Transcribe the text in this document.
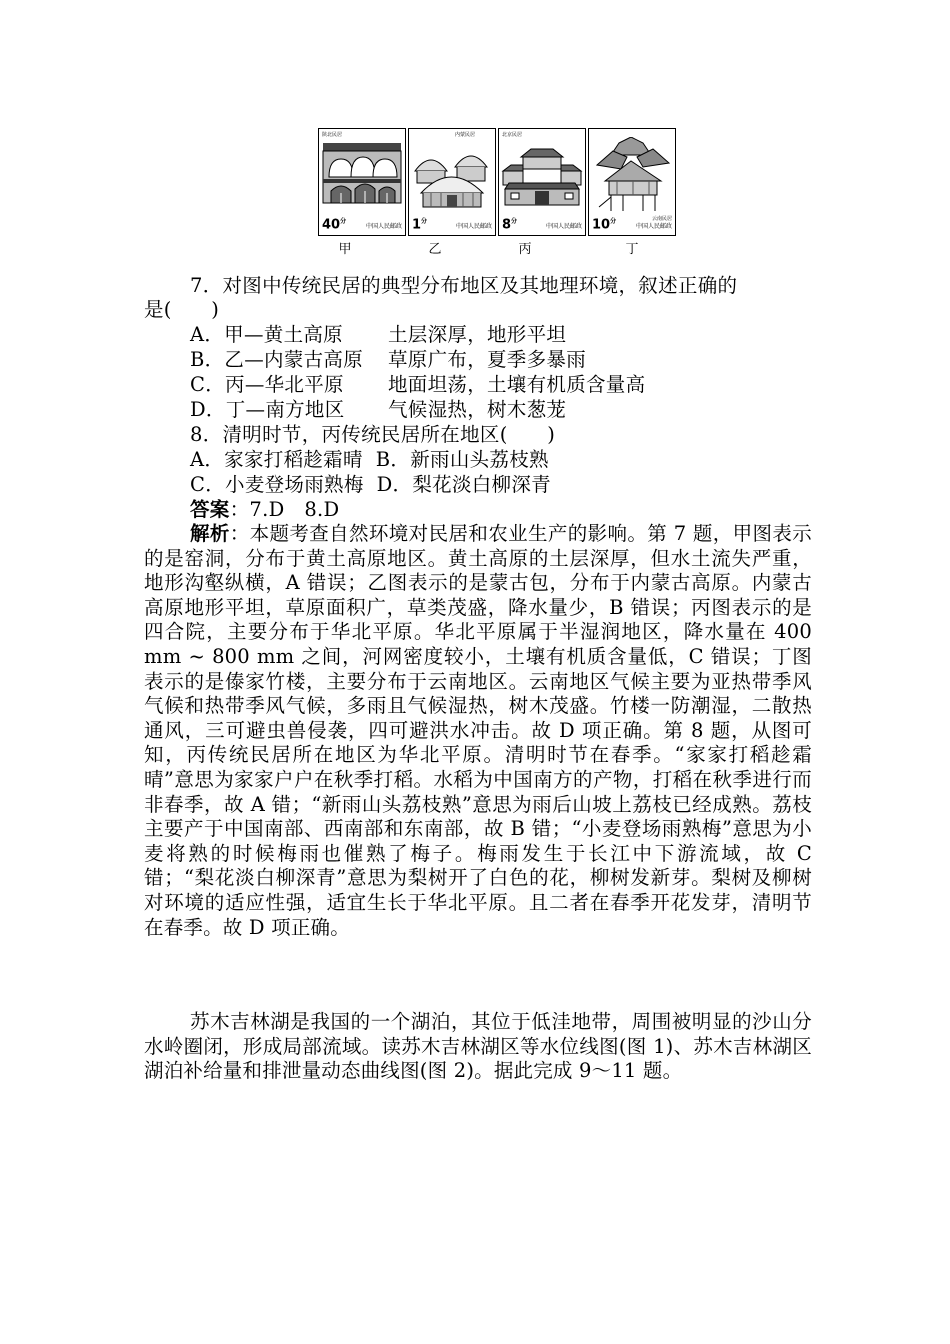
陕北民居
$40^分$
中国人民邮政
内蒙民居
$1^分$
中国人民邮政
北京民居
$8^分$
中国人民邮政 $10^分$	云南民居
中国人民邮政
甲	乙	丙	丁
7．对图中传统民居的典型分布地区及其地理环境，叙述正确的
是(　　)
A．甲—黄土高原 土层深厚，地形平坦
B．乙—内蒙古高原 草原广布，夏季多暴雨
C．丙—华北平原 地面坦荡，土壤有机质含量高
D．丁—南方地区 气候湿热，树木葱茏
8．清明时节，丙传统民居所在地区(　　)
A．家家打稻趁霜晴 B．新雨山头荔枝熟
C．小麦登场雨熟梅 D．梨花淡白柳深青
答案：7.D　8.D
解析：本题考查自然环境对民居和农业生产的影响。第 7 题，甲图表示的是窑洞，分布于黄土高原地区。黄土高原的土层深厚，但水土流失严重，地形沟壑纵横，A 错误；乙图表示的是蒙古包，分布于内蒙古高原。内蒙古高原地形平坦，草原面积广，草类茂盛，降水量少，B 错误；丙图表示的是四合院，主要分布于华北平原。华北平原属于半湿润地区，降水量在 400 mm ~ 800 mm 之间，河网密度较小，土壤有机质含量低，C 错误；丁图表示的是傣家竹楼，主要分布于云南地区。云南地区气候主要为亚热带季风气候和热带季风气候，多雨且气候湿热，树木茂盛。竹楼一防潮湿，二散热通风，三可避虫兽侵袭，四可避洪水冲击。故 D 项正确。第 8 题，从图可知，丙传统民居所在地区为华北平原。清明时节在春季。“家家打稻趁霜晴”意思为家家户户在秋季打稻。水稻为中国南方的产物，打稻在秋季进行而非春季，故 A 错；“新雨山头荔枝熟”意思为雨后山坡上荔枝已经成熟。荔枝主要产于中国南部、西南部和东南部，故 B 错；“小麦登场雨熟梅”意思为小麦将熟的时候梅雨也催熟了梅子。梅雨发生于长江中下游流域，故 C 错；“梨花淡白柳深青”意思为梨树开了白色的花，柳树发新芽。梨树及柳树对环境的适应性强，适宜生长于华北平原。且二者在春季开花发芽，清明节在春季。故 D 项正确。
苏木吉林湖是我国的一个湖泊，其位于低洼地带，周围被明显的沙山分水岭圈闭，形成局部流域。读苏木吉林湖区等水位线图(图 1)、苏木吉林湖区湖泊补给量和排泄量动态曲线图(图 2)。据此完成 9～11 题。
